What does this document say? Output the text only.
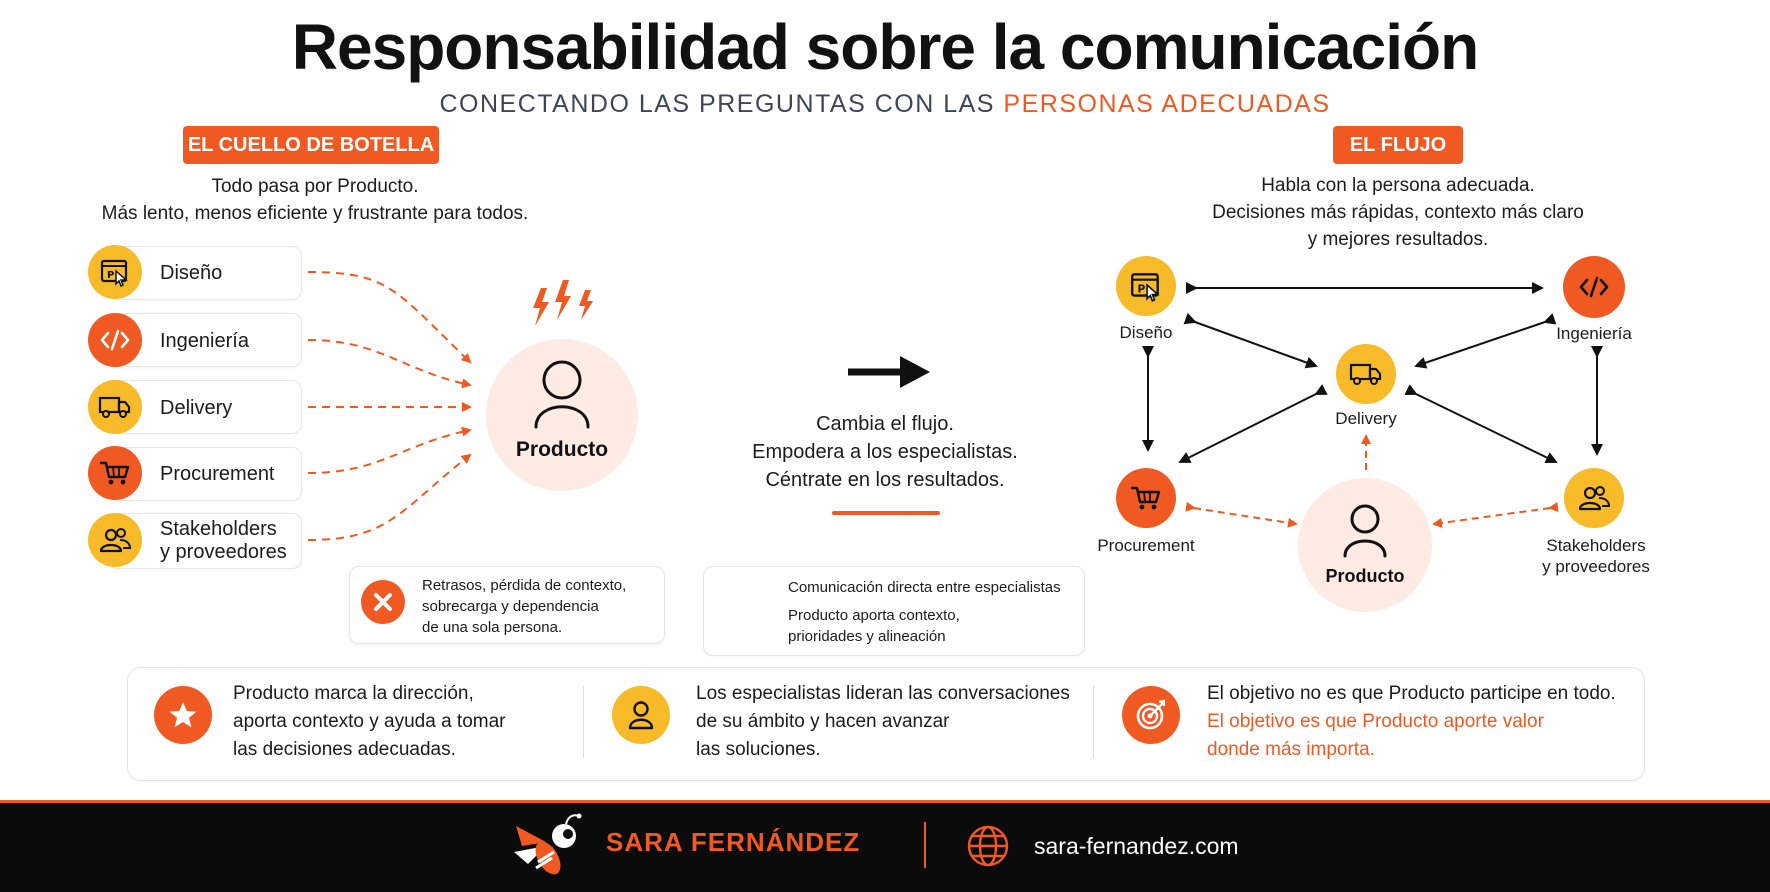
Responsabilidad sobre la comunicación
CONECTANDO LAS PREGUNTAS CON LAS PERSONAS ADECUADAS
EL CUELLO DE BOTELLA
Todo pasa por Producto.
Más lento, menos eficiente y frustrante para todos.
P Diseño
Ingeniería
Delivery
Procurement
Stakeholders
y proveedores
Producto
Retrasos, pérdida de contexto,
sobrecarga y dependencia
de una sola persona.
Cambia el flujo.
Empodera a los especialistas.
Céntrate en los resultados.
Comunicación directa entre especialistas
Producto aporta contexto,
prioridades y alineación
EL FLUJO
Habla con la persona adecuada.
Decisiones más rápidas, contexto más claro
y mejores resultados.
P
Diseño	Ingeniería
Delivery
Procurement	Stakeholders
y proveedores
Producto
Producto marca la dirección,
aporta contexto y ayuda a tomar
las decisiones adecuadas.
Los especialistas lideran las conversaciones
de su ámbito y hacen avanzar
las soluciones.
El objetivo no es que Producto participe en todo.
El objetivo es que Producto aporte valor
donde más importa.
SARA FERNÁNDEZ	sara-fernandez.com
